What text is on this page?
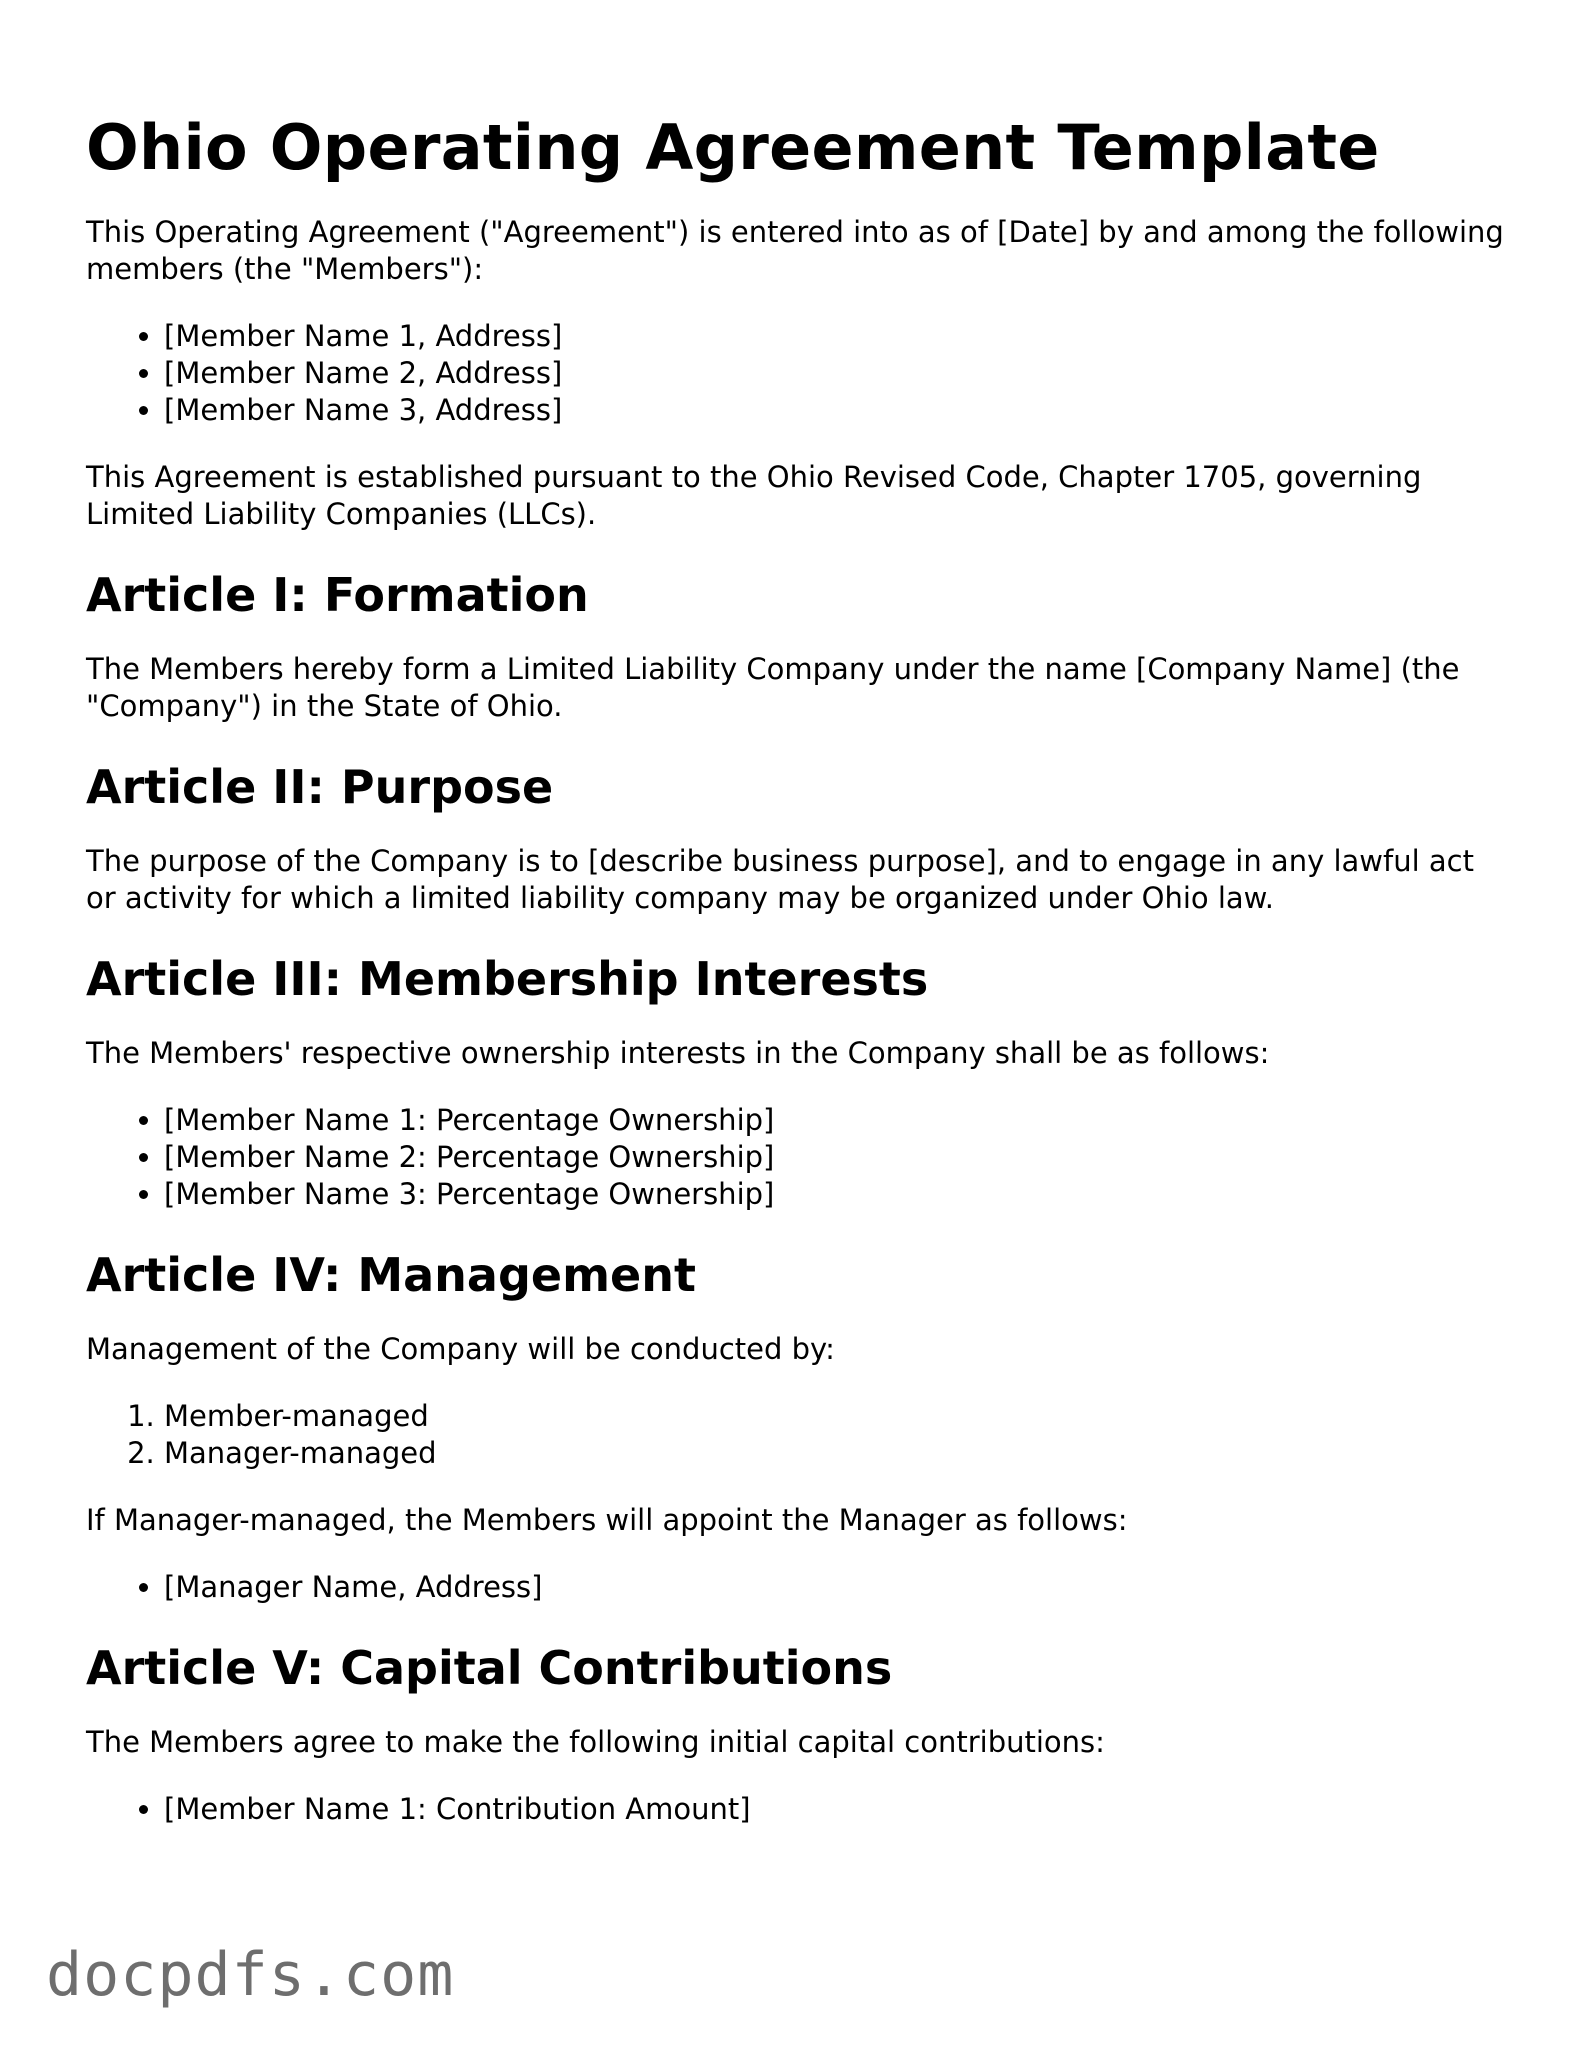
Ohio Operating Agreement Template

This Operating Agreement ("Agreement") is entered into as of [Date] by and among the following members (the "Members"):

• [Member Name 1, Address]
• [Member Name 2, Address]
• [Member Name 3, Address]

This Agreement is established pursuant to the Ohio Revised Code, Chapter 1705, governing Limited Liability Companies (LLCs).

Article I: Formation

The Members hereby form a Limited Liability Company under the name [Company Name] (the "Company") in the State of Ohio.

Article II: Purpose

The purpose of the Company is to [describe business purpose], and to engage in any lawful act or activity for which a limited liability company may be organized under Ohio law.

Article III: Membership Interests

The Members' respective ownership interests in the Company shall be as follows:

• [Member Name 1: Percentage Ownership]
• [Member Name 2: Percentage Ownership]
• [Member Name 3: Percentage Ownership]
Article IV: Management

Management of the Company will be conducted by:

1. Member-managed
2. Manager-managed

If Manager-managed, the Members will appoint the Manager as follows:

• [Manager Name, Address]
Article V: Capital Contributions

The Members agree to make the following initial capital contributions:

• [Member Name 1: Contribution Amount]
docpdfs.com
